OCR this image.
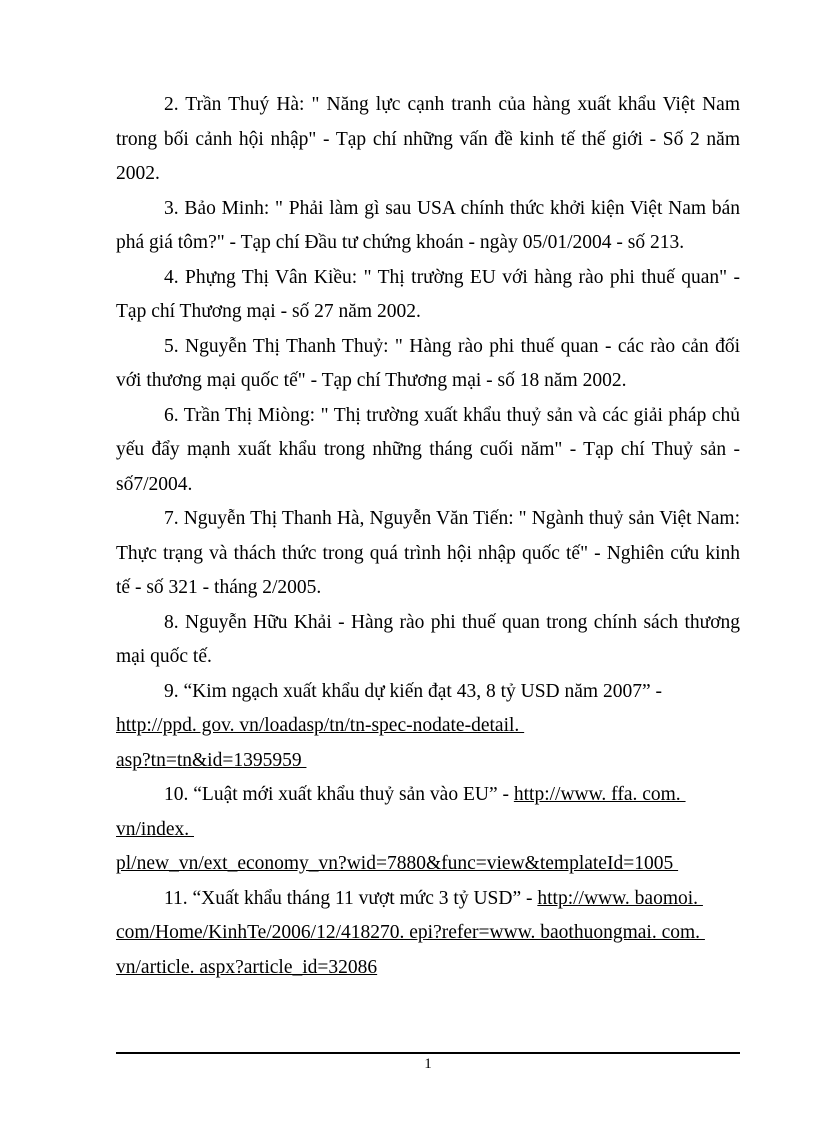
2. Trần Thuý Hà: " Năng lực cạnh tranh của hàng xuất khẩu Việt Nam trong bối cảnh hội nhập" - Tạp chí những vấn đề kinh tế thế giới - Số 2 năm 2002.

3. Bảo Minh: " Phải làm gì sau USA chính thức khởi kiện Việt Nam bán phá giá tôm?" - Tạp chí Đầu tư chứng khoán - ngày 05/01/2004 - số 213.

4. Phựng Thị Vân Kiều: " Thị trường EU với hàng rào phi thuế quan" - Tạp chí Thương mại - số 27 năm 2002.

5. Nguyễn Thị Thanh Thuỷ: " Hàng rào phi thuế quan - các rào cản đối với thương mại quốc tế" - Tạp chí Thương mại - số 18 năm 2002.

6. Trần Thị Miòng: " Thị trường xuất khẩu thuỷ sản và các giải pháp chủ yếu đẩy mạnh xuất khẩu trong những tháng cuối năm" - Tạp chí Thuỷ sản - số7/2004.

7. Nguyễn Thị Thanh Hà, Nguyễn Văn Tiến: " Ngành thuỷ sản Việt Nam: Thực trạng và thách thức trong quá trình hội nhập quốc tế" - Nghiên cứu kinh tế - số 321 - tháng 2/2005.

8. Nguyễn Hữu Khải - Hàng rào phi thuế quan trong chính sách thương mại quốc tế.

9. “Kim ngạch xuất khẩu dự kiến đạt 43, 8 tỷ USD năm 2007” -
http://ppd. gov. vn/loadasp/tn/tn-spec-nodate-detail.
asp?tn=tn&id=1395959
10. “Luật mới xuất khẩu thuỷ sản vào EU” - http://www. ffa. com.
vn/index.
pl/new_vn/ext_economy_vn?wid=7880&func=view&templateId=1005
11. “Xuất khẩu tháng 11 vượt mức 3 tỷ USD” - http://www. baomoi.
com/Home/KinhTe/2006/12/418270. epi?refer=www. baothuongmai. com.
vn/article. aspx?article_id=32086
1
